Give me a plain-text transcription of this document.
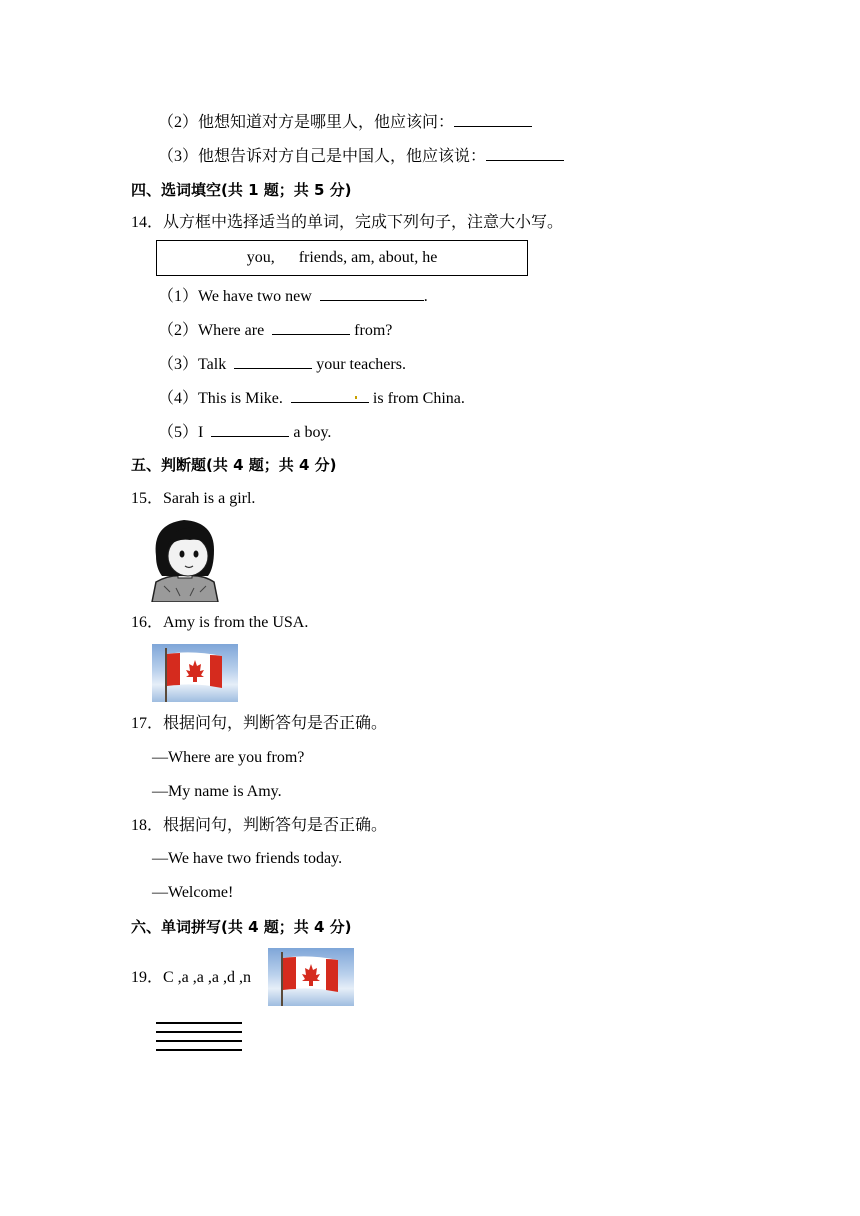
（2）他想知道对方是哪里人，他应该问：
（3）他想告诉对方自己是中国人，他应该说：
四、选词填空(共 1 题；共 5 分)
14．从方框中选择适当的单词，完成下列句子，注意大小写。
you,      friends, am, about, he
（1）We have two new	.
（2）Where are	from?
（3）Talk	your teachers.
（4）This is Mike.	is from China.
（5）I	a boy.
五、判断题(共 4 题；共 4 分)
15．Sarah is a girl.
16．Amy is from the USA.
17．根据问句，判断答句是否正确。
—Where are you from?
—My name is Amy.
18．根据问句，判断答句是否正确。
—We have two friends today.
—Welcome!
六、单词拼写(共 4 题；共 4 分)
19．C ,a ,a ,a ,d ,n
